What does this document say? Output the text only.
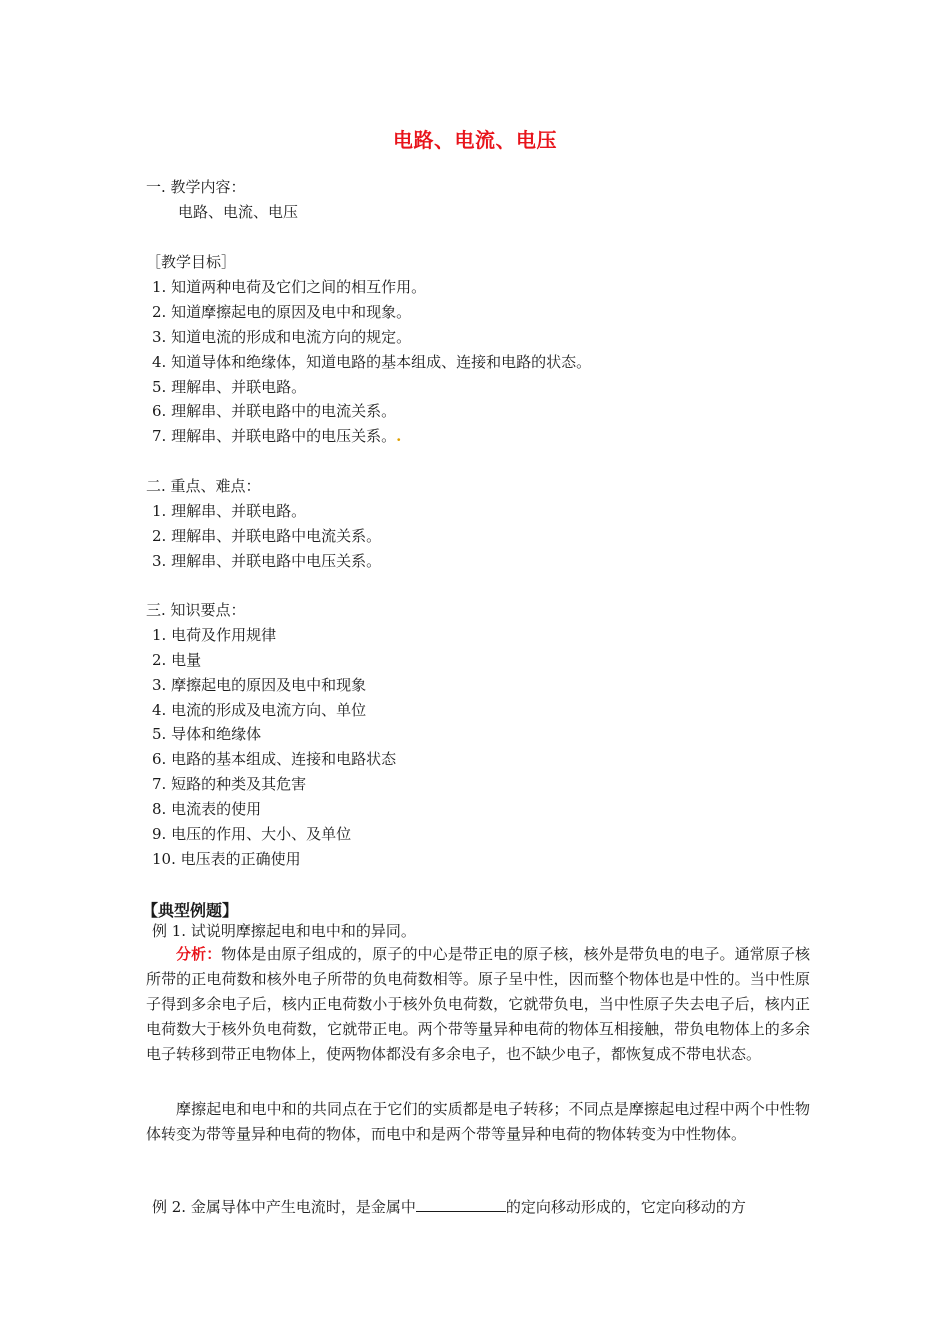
电路、电流、电压
一. 教学内容：
电路、电流、电压
［教学目标］
1. 知道两种电荷及它们之间的相互作用。
2. 知道摩擦起电的原因及电中和现象。
3. 知道电流的形成和电流方向的规定。
4. 知道导体和绝缘体，知道电路的基本组成、连接和电路的状态。
5. 理解串、并联电路。
6. 理解串、并联电路中的电流关系。
7. 理解串、并联电路中的电压关系。.
二. 重点、难点：
1. 理解串、并联电路。
2. 理解串、并联电路中电流关系。
3. 理解串、并联电路中电压关系。
三. 知识要点：
1. 电荷及作用规律
2. 电量
3. 摩擦起电的原因及电中和现象
4. 电流的形成及电流方向、单位
5. 导体和绝缘体
6. 电路的基本组成、连接和电路状态
7. 短路的种类及其危害
8. 电流表的使用
9. 电压的作用、大小、及单位
10. 电压表的正确使用
【典型例题】
例 1. 试说明摩擦起电和电中和的异同。
分析：物体是由原子组成的，原子的中心是带正电的原子核，核外是带负电的电子。通常原子核所带的正电荷数和核外电子所带的负电荷数相等。原子呈中性，因而整个物体也是中性的。当中性原子得到多余电子后，核内正电荷数小于核外负电荷数，它就带负电，当中性原子失去电子后，核内正电荷数大于核外负电荷数，它就带正电。两个带等量异种电荷的物体互相接触，带负电物体上的多余电子转移到带正电物体上，使两物体都没有多余电子，也不缺少电子，都恢复成不带电状态。
摩擦起电和电中和的共同点在于它们的实质都是电子转移；不同点是摩擦起电过程中两个中性物体转变为带等量异种电荷的物体，而电中和是两个带等量异种电荷的物体转变为中性物体。
例 2. 金属导体中产生电流时，是金属中	的定向移动形成的，它定向移动的方
